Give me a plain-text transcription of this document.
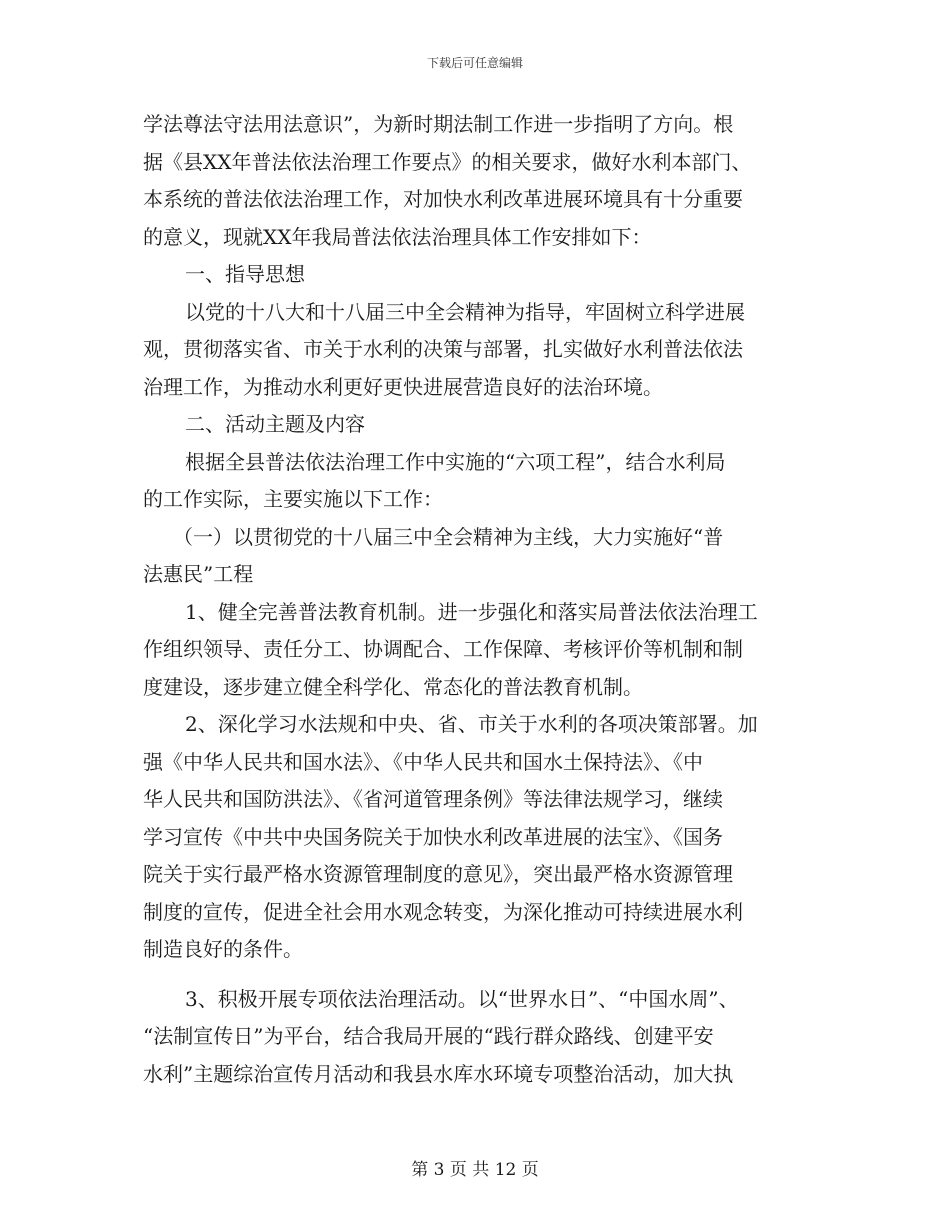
下载后可任意编辑
学法尊法守法用法意识”，为新时期法制工作进一步指明了方向。根
据《县XX年普法依法治理工作要点》的相关要求，做好水利本部门、
本系统的普法依法治理工作，对加快水利改革进展环境具有十分重要
的意义，现就XX年我局普法依法治理具体工作安排如下：
一、指导思想
以党的十八大和十八届三中全会精神为指导，牢固树立科学进展
观，贯彻落实省、市关于水利的决策与部署，扎实做好水利普法依法
治理工作，为推动水利更好更快进展营造良好的法治环境。
二、活动主题及内容
根据全县普法依法治理工作中实施的“六项工程”，结合水利局
的工作实际，主要实施以下工作：
（一）以贯彻党的十八届三中全会精神为主线，大力实施好“普
法惠民”工程
1、健全完善普法教育机制。进一步强化和落实局普法依法治理工
作组织领导、责任分工、协调配合、工作保障、考核评价等机制和制
度建设，逐步建立健全科学化、常态化的普法教育机制。
2、深化学习水法规和中央、省、市关于水利的各项决策部署。加
强《中华人民共和国水法》、《中华人民共和国水土保持法》、《中
华人民共和国防洪法》、《省河道管理条例》等法律法规学习，继续
学习宣传《中共中央国务院关于加快水利改革进展的法宝》、《国务
院关于实行最严格水资源管理制度的意见》，突出最严格水资源管理
制度的宣传，促进全社会用水观念转变，为深化推动可持续进展水利
制造良好的条件。
3、积极开展专项依法治理活动。以“世界水日”、“中国水周”、
“法制宣传日”为平台，结合我局开展的“践行群众路线、创建平安
水利”主题综治宣传月活动和我县水库水环境专项整治活动，加大执
第 3 页 共 12 页
